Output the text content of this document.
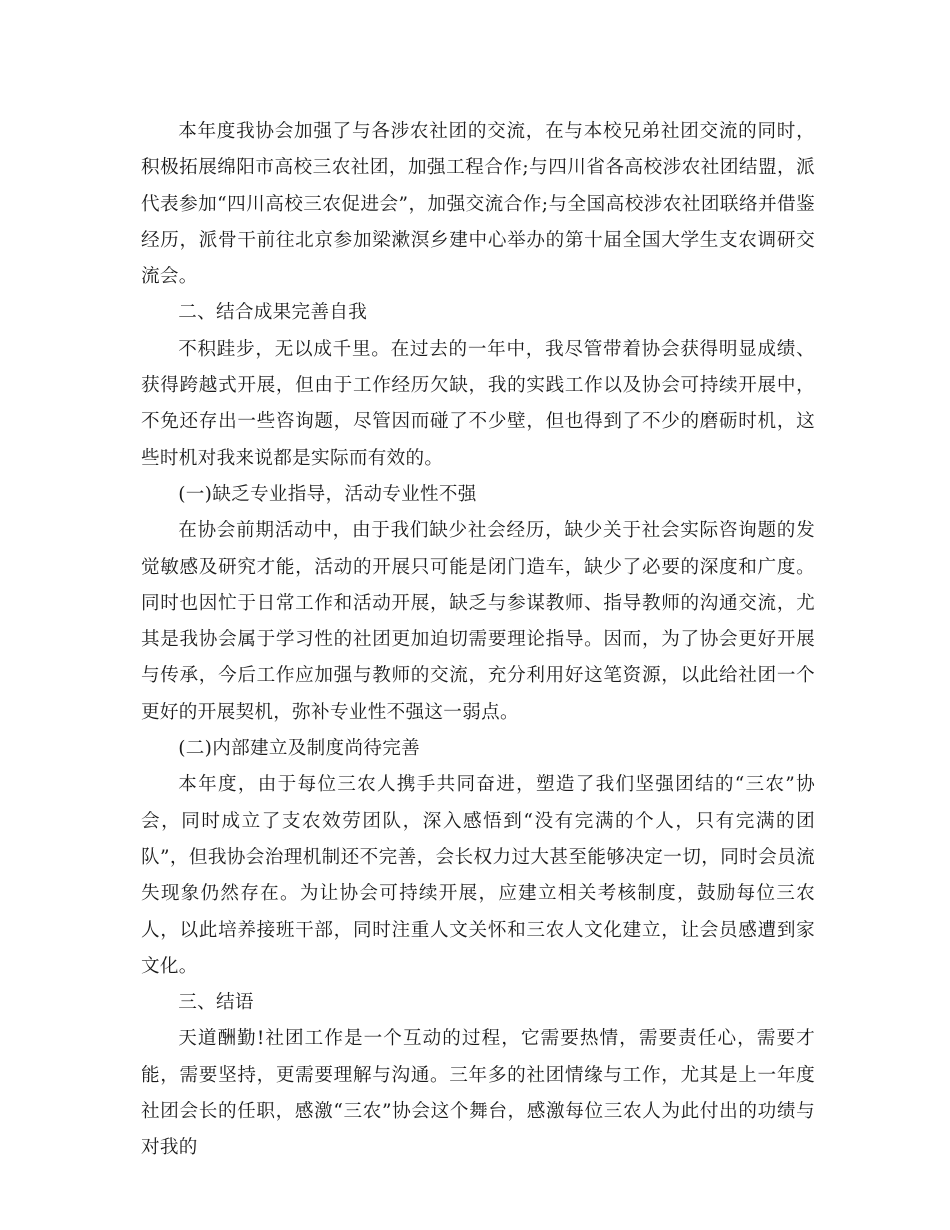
本年度我协会加强了与各涉农社团的交流，在与本校兄弟社团交流的同时，积极拓展绵阳市高校三农社团，加强工程合作;与四川省各高校涉农社团结盟，派代表参加“四川高校三农促进会”，加强交流合作;与全国高校涉农社团联络并借鉴经历，派骨干前往北京参加梁漱溟乡建中心举办的第十届全国大学生支农调研交流会。

二、结合成果完善自我

不积跬步，无以成千里。在过去的一年中，我尽管带着协会获得明显成绩、获得跨越式开展，但由于工作经历欠缺，我的实践工作以及协会可持续开展中，不免还存出一些咨询题，尽管因而碰了不少壁，但也得到了不少的磨砺时机，这些时机对我来说都是实际而有效的。

(一)缺乏专业指导，活动专业性不强

在协会前期活动中，由于我们缺少社会经历，缺少关于社会实际咨询题的发觉敏感及研究才能，活动的开展只可能是闭门造车，缺少了必要的深度和广度。同时也因忙于日常工作和活动开展，缺乏与参谋教师、指导教师的沟通交流，尤其是我协会属于学习性的社团更加迫切需要理论指导。因而，为了协会更好开展与传承，今后工作应加强与教师的交流，充分利用好这笔资源，以此给社团一个更好的开展契机，弥补专业性不强这一弱点。

(二)内部建立及制度尚待完善

本年度，由于每位三农人携手共同奋进，塑造了我们坚强团结的“三农”协会，同时成立了支农效劳团队，深入感悟到“没有完满的个人，只有完满的团队”，但我协会治理机制还不完善，会长权力过大甚至能够决定一切，同时会员流失现象仍然存在。为让协会可持续开展，应建立相关考核制度，鼓励每位三农人，以此培养接班干部，同时注重人文关怀和三农人文化建立，让会员感遭到家文化。

三、结语

天道酬勤!社团工作是一个互动的过程，它需要热情，需要责任心，需要才能，需要坚持，更需要理解与沟通。三年多的社团情缘与工作，尤其是上一年度社团会长的任职，感激“三农”协会这个舞台，感激每位三农人为此付出的功绩与对我的
